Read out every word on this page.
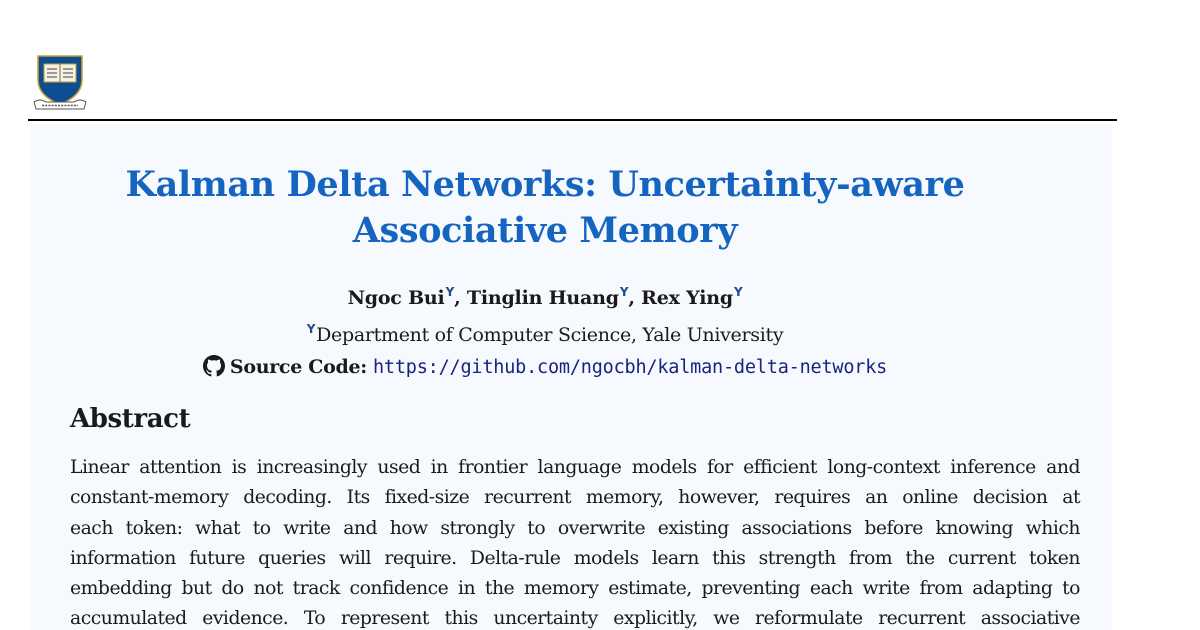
Kalman Delta Networks: Uncertainty-aware
Associative Memory
Ngoc Bui$^Y$, Tinglin Huang$^Y$, Rex Ying$^Y$
$^Y$Department of Computer Science, Yale University
Source Code: https://github.com/ngocbh/kalman-delta-networks
Abstract

Linear attention is increasingly used in frontier language models for efficient long-context inference and
constant-memory decoding. Its fixed-size recurrent memory, however, requires an online decision at
each token: what to write and how strongly to overwrite existing associations before knowing which
information future queries will require. Delta-rule models learn this strength from the current token
embedding but do not track confidence in the memory estimate, preventing each write from adapting to
accumulated evidence. To represent this uncertainty explicitly, we reformulate recurrent associative
